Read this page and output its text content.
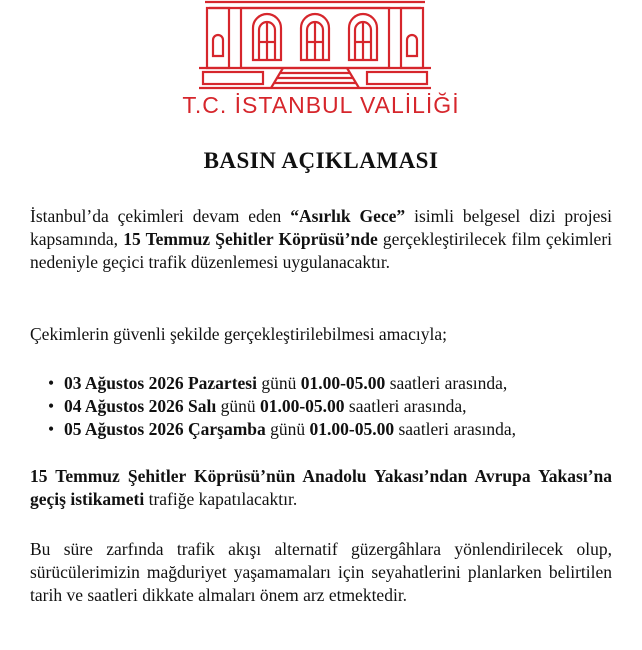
T.C. İSTANBUL VALİLİĞİ
BASIN AÇIKLAMASI
İstanbul’da çekimleri devam eden “Asırlık Gece” isimli belgesel dizi projesi kapsamında, 15 Temmuz Şehitler Köprüsü’nde gerçekleştirilecek film çekimleri nedeniyle geçici trafik düzenlemesi uygulanacaktır.
Çekimlerin güvenli şekilde gerçekleştirilebilmesi amacıyla;
• 03 Ağustos 2026 Pazartesi günü 01.00-05.00 saatleri arasında,
• 04 Ağustos 2026 Salı günü 01.00-05.00 saatleri arasında,
• 05 Ağustos 2026 Çarşamba günü 01.00-05.00 saatleri arasında,
15 Temmuz Şehitler Köprüsü’nün Anadolu Yakası’ndan Avrupa Yakası’na geçiş istikameti trafiğe kapatılacaktır.
Bu süre zarfında trafik akışı alternatif güzergâhlara yönlendirilecek olup, sürücülerimizin mağduriyet yaşamamaları için seyahatlerini planlarken belirtilen tarih ve saatleri dikkate almaları önem arz etmektedir.
